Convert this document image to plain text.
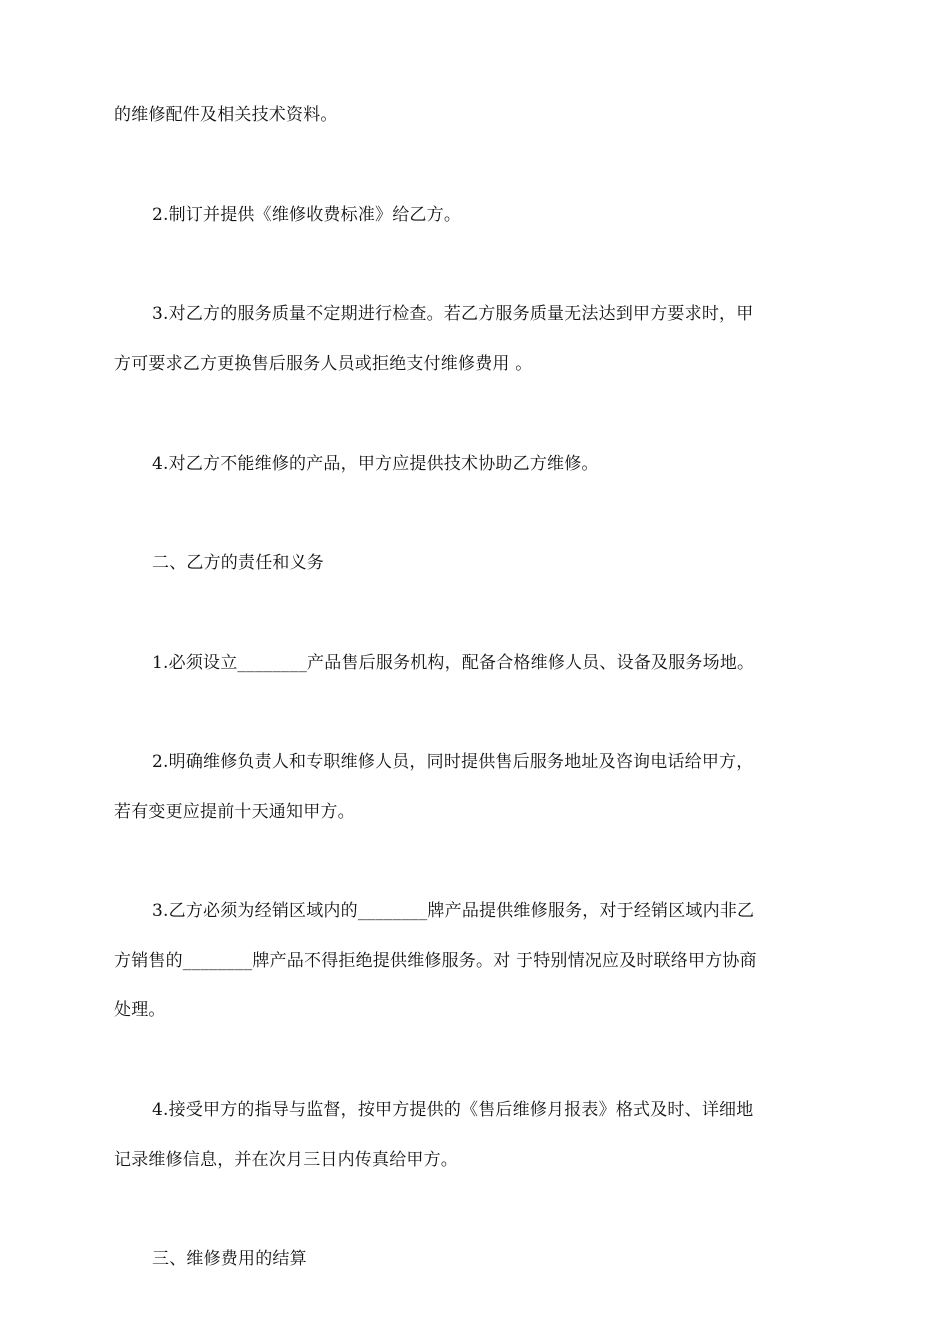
的维修配件及相关技术资料。
2.制订并提供《维修收费标准》给乙方。
3.对乙方的服务质量不定期进行检查。若乙方服务质量无法达到甲方要求时，甲
方可要求乙方更换售后服务人员或拒绝支付维修费用 。
4.对乙方不能维修的产品，甲方应提供技术协助乙方维修。
二、乙方的责任和义务
1.必须设立________产品售后服务机构，配备合格维修人员、设备及服务场地。
2.明确维修负责人和专职维修人员，同时提供售后服务地址及咨询电话给甲方，
若有变更应提前十天通知甲方。
3.乙方必须为经销区域内的________牌产品提供维修服务，对于经销区域内非乙
方销售的________牌产品不得拒绝提供维修服务。对 于特别情况应及时联络甲方协商
处理。
4.接受甲方的指导与监督，按甲方提供的《售后维修月报表》格式及时、详细地
记录维修信息，并在次月三日内传真给甲方。
三、维修费用的结算
